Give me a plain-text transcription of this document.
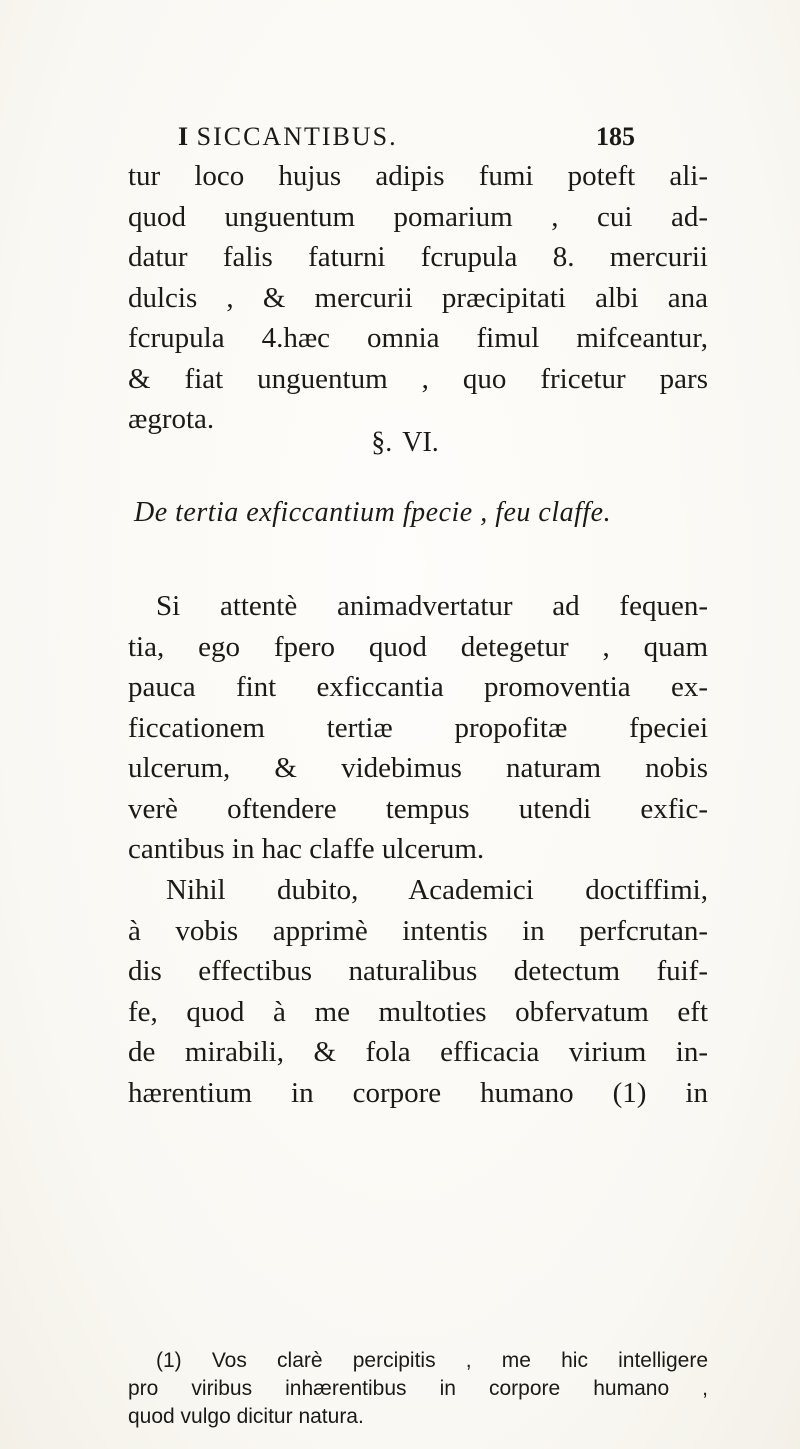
I SICCANTIBUS.	185
tur loco hujus adipis fumi poteft ali-
quod unguentum pomarium , cui ad-
datur falis faturni fcrupula 8. mercurii
dulcis , & mercurii præcipitati albi ana
fcrupula 4.hæc omnia fimul mifceantur,
& fiat unguentum , quo fricetur pars
ægrota.
§. VI.
De tertia exficcantium fpecie , feu claffe.
Si attentè animadvertatur ad fequen-
tia, ego fpero quod detegetur , quam
pauca fint exficcantia promoventia ex-
ficcationem tertiæ propofitæ fpeciei
ulcerum, & videbimus naturam nobis
verè oftendere tempus utendi exfic-
cantibus in hac claffe ulcerum.
Nihil dubito, Academici doctiffimi,
à vobis apprimè intentis in perfcrutan-
dis effectibus naturalibus detectum fuif-
fe, quod à me multoties obfervatum eft
de mirabili, & fola efficacia virium in-
hærentium in corpore humano (1) in
(1) Vos clarè percipitis , me hic intelligere
pro viribus inhærentibus in corpore humano ,
quod vulgo dicitur natura.
